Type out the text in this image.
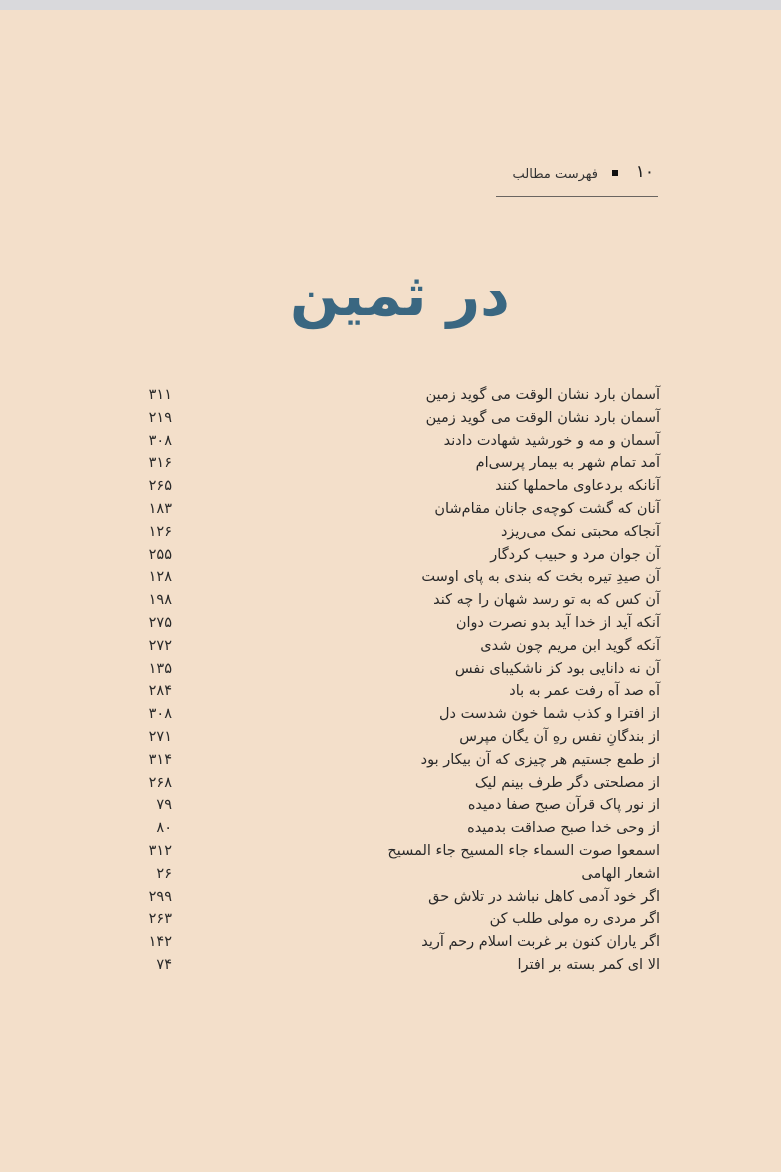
۱۰
فهرست مطالب
در ثمین
آسمان بارد نشان الوقت می گوید زمین
۳۱۱
آسمان بارد نشان الوقت می گوید زمین
۲۱۹
آسمان و مه و خورشید شهادت دادند
۳۰۸
آمد تمام شهر به بیمار پرسی‌ام
۳۱۶
آنانکه بردعاوی ماحملها کنند
۲۶۵
آنان که گشت کوچه‌ی جانان مقام‌شان
۱۸۳
آنجاکه محبتی نمک می‌ریزد
۱۲۶
آن جوان مرد و حبیب کردگار
۲۵۵
آن صیدِ تیره بخت که بندی به پای اوست
۱۲۸
آن کس که به تو رسد شهان را چه کند
۱۹۸
آنکه آید از خدا آید بدو نصرت دوان
۲۷۵
آنکه گوید ابن مریم چون شدی
۲۷۲
آن نه دانایی بود کز ناشکیبای نفس
۱۳۵
آه صد آه رفت عمر به باد
۲۸۴
از افترا و کذب شما خون شدست دل
۳۰۸
از بندگانِ نفس رهِ آن یگان مپرس
۲۷۱
از طمع جستیم هر چیزی که آن بیکار بود
۳۱۴
از مصلحتی دگر طرف بینم لیک
۲۶۸
از نور پاک قرآن صبح صفا دمیده
۷۹
از وحی خدا صبح صداقت بدمیده
۸۰
اسمعوا صوت السماء جاء المسیح جاء المسیح
۳۱۲
اشعار الهامی
۲۶
اگر خود آدمی کاهل نباشد در تلاش حق
۲۹۹
اگر مردی ره مولی طلب کن
۲۶۳
اگر یاران کنون بر غربت اسلام رحم آرید
۱۴۲
الا ای کمر بسته بر افترا
۷۴
